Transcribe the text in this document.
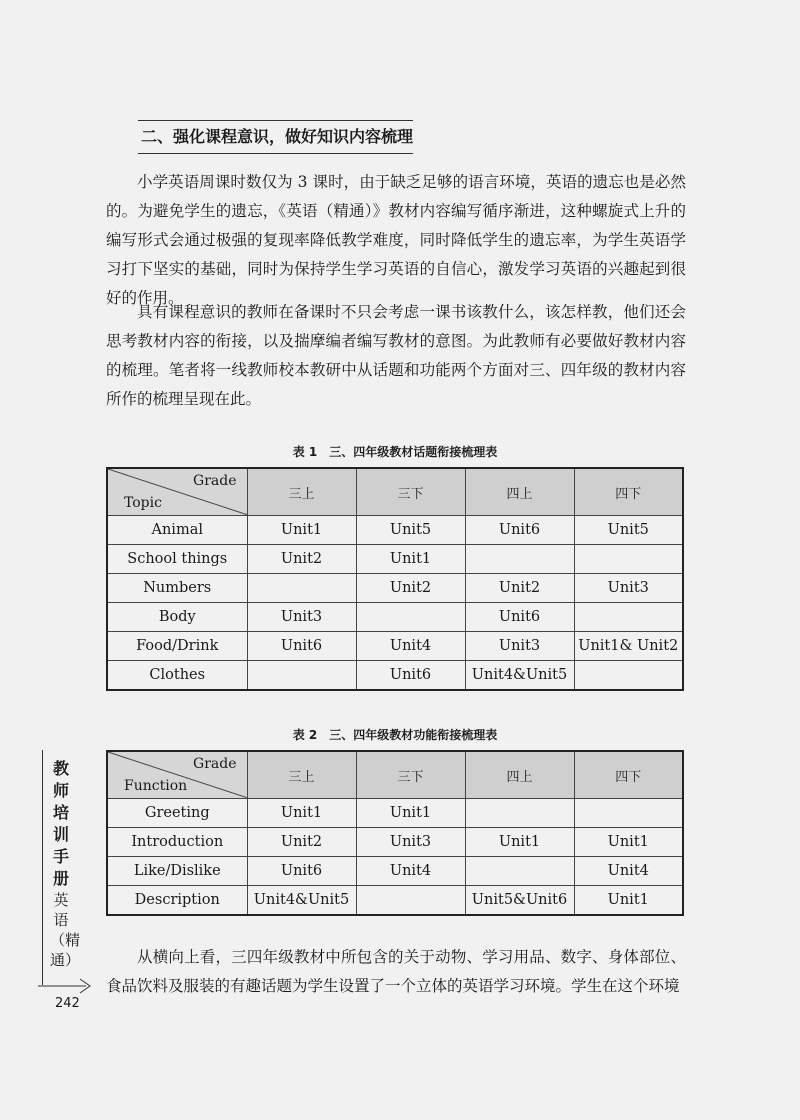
二、强化课程意识，做好知识内容梳理

小学英语周课时数仅为 3 课时，由于缺乏足够的语言环境，英语的遗忘也是必然的。为避免学生的遗忘，《英语（精通）》教材内容编写循序渐进，这种螺旋式上升的编写形式会通过极强的复现率降低教学难度，同时降低学生的遗忘率，为学生英语学习打下坚实的基础，同时为保持学生学习英语的自信心，激发学习英语的兴趣起到很好的作用。

具有课程意识的教师在备课时不只会考虑一课书该教什么，该怎样教，他们还会思考教材内容的衔接，以及揣摩编者编写教材的意图。为此教师有必要做好教材内容的梳理。笔者将一线教师校本教研中从话题和功能两个方面对三、四年级的教材内容所作的梳理呈现在此。

表 1　三、四年级教材话题衔接梳理表
Grade
Topic	三上	三下	四上	四下
Animal	Unit1	Unit5	Unit6	Unit5
School things	Unit2	Unit1		
Numbers		Unit2	Unit2	Unit3
Body	Unit3		Unit6	
Food/Drink	Unit6	Unit4	Unit3	Unit1& Unit2
Clothes		Unit6	Unit4&Unit5	
表 2　三、四年级教材功能衔接梳理表
Grade
Function	三上	三下	四上	四下
Greeting	Unit1	Unit1		
Introduction	Unit2	Unit3	Unit1	Unit1
Like/Dislike	Unit6	Unit4		Unit4
Description	Unit4&Unit5		Unit5&Unit6	Unit1

从横向上看，三四年级教材中所包含的关于动物、学习用品、数字、身体部位、食品饮料及服装的有趣话题为学生设置了一个立体的英语学习环境。学生在这个环境

教师培训手册
英语（精通）
242
